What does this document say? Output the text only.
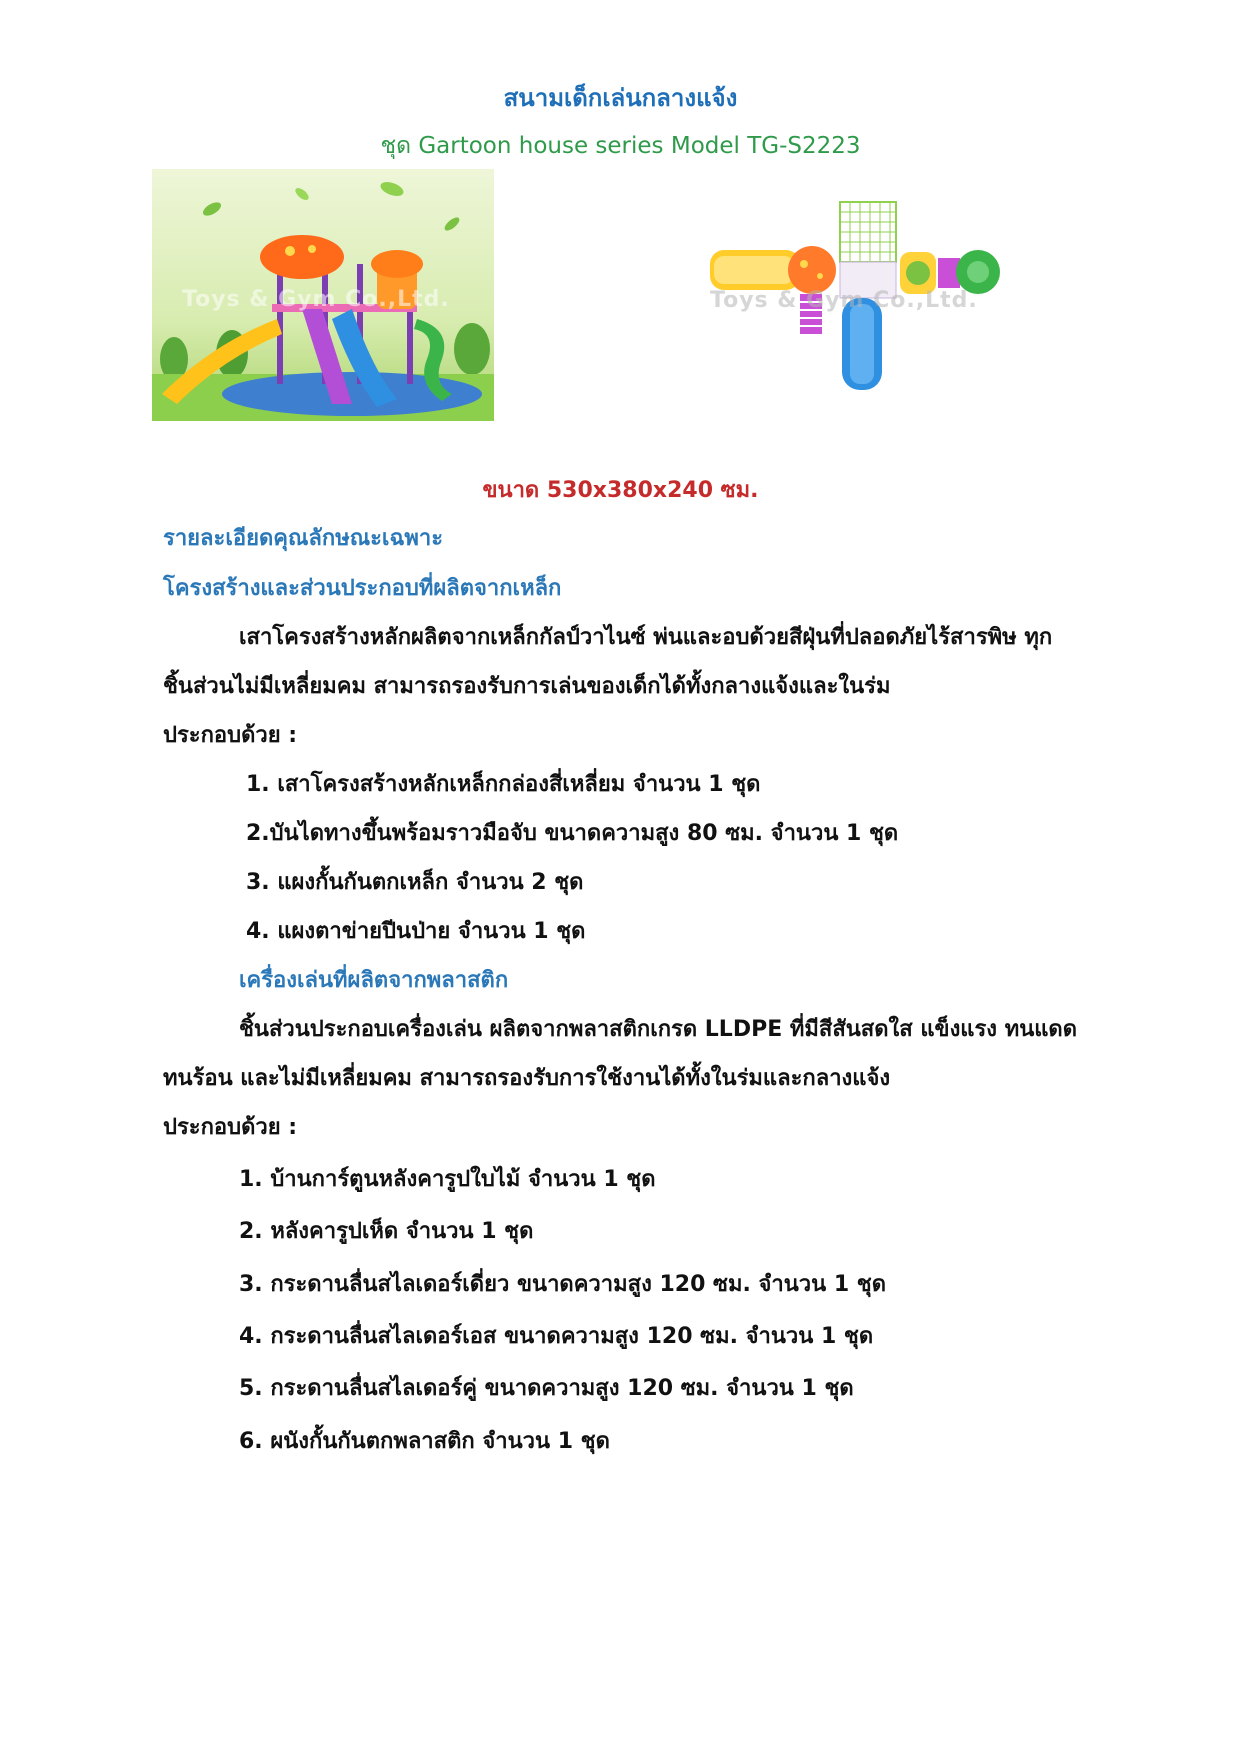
สนามเด็กเล่นกลางแจ้ง
ชุด Gartoon house series Model TG-S2223
Toys & Gym Co.,Ltd.	Toys & Gym Co.,Ltd.
ขนาด 530x380x240 ซม.
รายละเอียดคุณลักษณะเฉพาะ
โครงสร้างและส่วนประกอบที่ผลิตจากเหล็ก
เสาโครงสร้างหลักผลิตจากเหล็กกัลป์วาไนซ์ พ่นและอบด้วยสีฝุ่นที่ปลอดภัยไร้สารพิษ ทุก
ชิ้นส่วนไม่มีเหลี่ยมคม สามารถรองรับการเล่นของเด็กได้ทั้งกลางแจ้งและในร่ม
ประกอบด้วย :
1. เสาโครงสร้างหลักเหล็กกล่องสี่เหลี่ยม จำนวน 1 ชุด
2.บันไดทางขึ้นพร้อมราวมือจับ ขนาดความสูง 80 ซม. จำนวน 1 ชุด
3. แผงกั้นกันตกเหล็ก จำนวน 2 ชุด
4. แผงตาข่ายปีนป่าย จำนวน 1 ชุด
เครื่องเล่นที่ผลิตจากพลาสติก
ชิ้นส่วนประกอบเครื่องเล่น ผลิตจากพลาสติกเกรด LLDPE ที่มีสีสันสดใส แข็งแรง ทนแดด
ทนร้อน และไม่มีเหลี่ยมคม สามารถรองรับการใช้งานได้ทั้งในร่มและกลางแจ้ง
ประกอบด้วย :
1. บ้านการ์ตูนหลังคารูปใบไม้ จำนวน 1 ชุด
2. หลังคารูปเห็ด จำนวน 1 ชุด
3. กระดานลื่นสไลเดอร์เดี่ยว ขนาดความสูง 120 ซม. จำนวน 1 ชุด
4. กระดานลื่นสไลเดอร์เอส ขนาดความสูง 120 ซม. จำนวน 1 ชุด
5. กระดานลื่นสไลเดอร์คู่ ขนาดความสูง 120 ซม. จำนวน 1 ชุด
6. ผนังกั้นกันตกพลาสติก จำนวน 1 ชุด
